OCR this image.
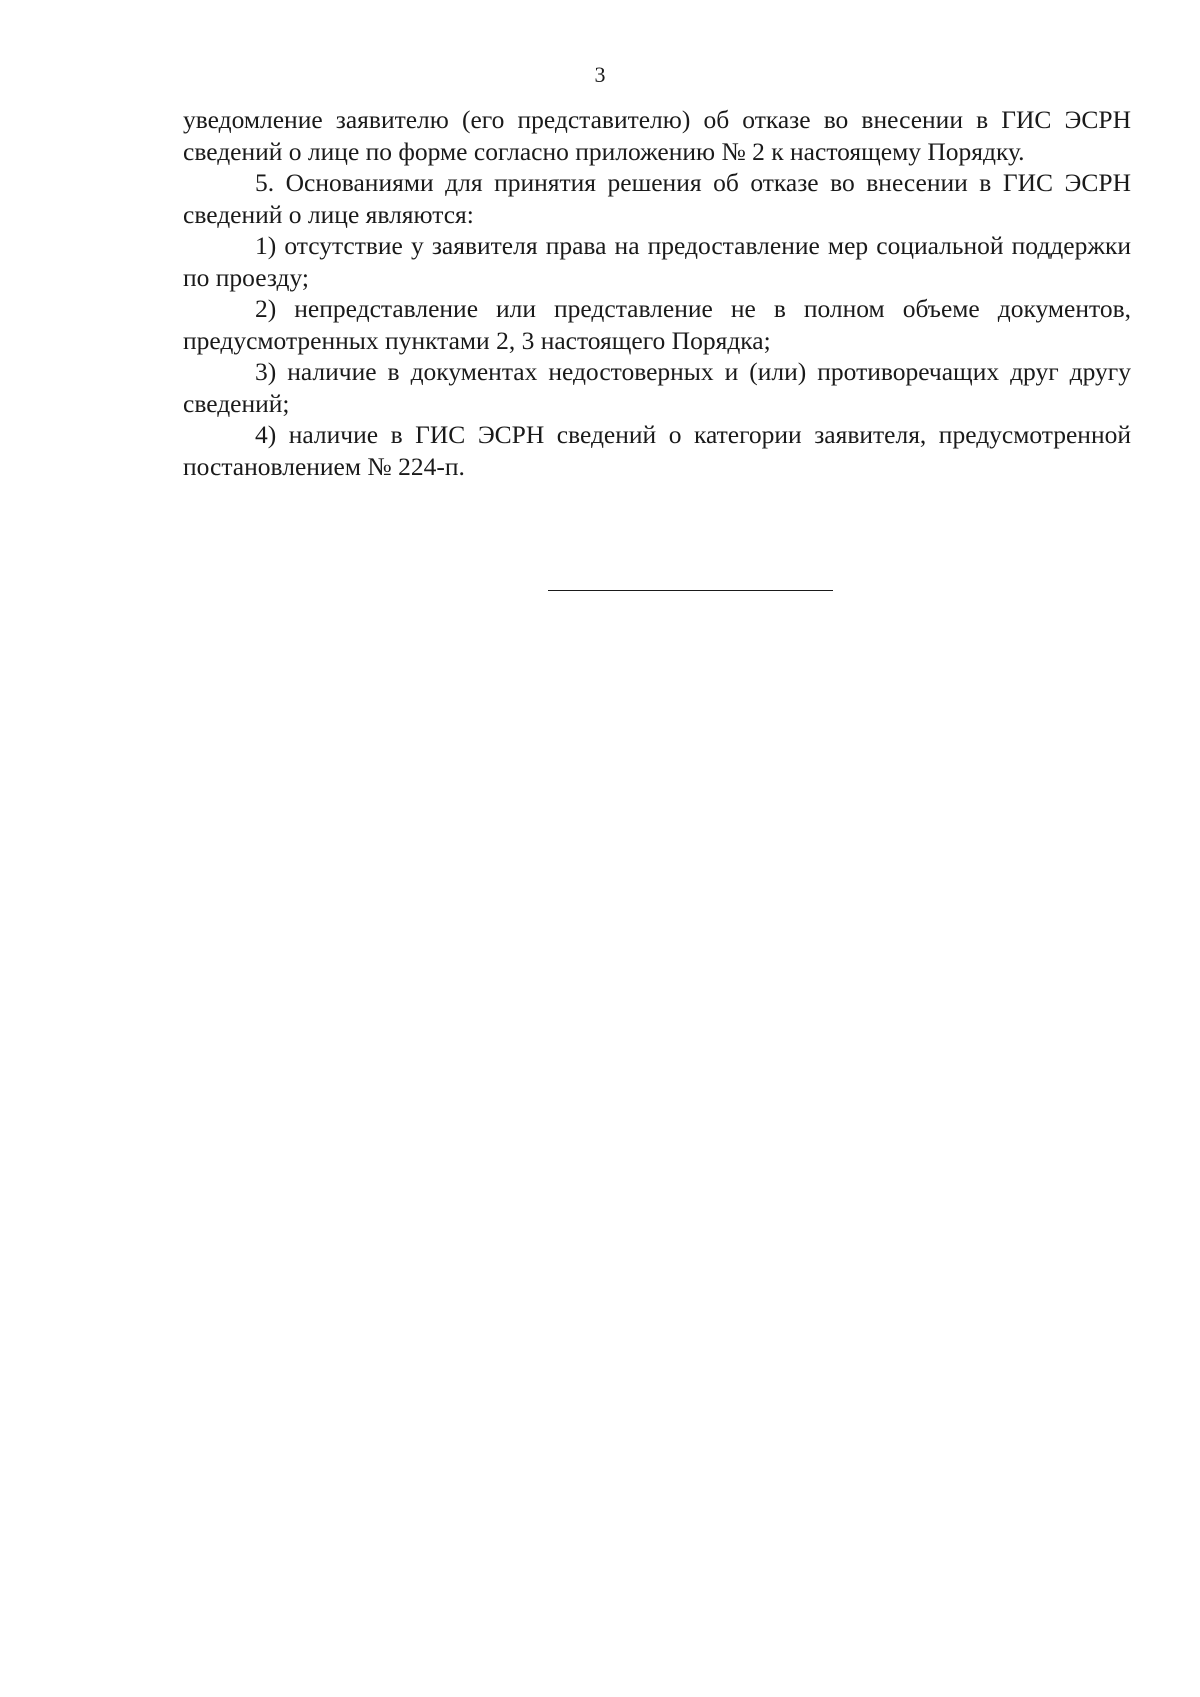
3

уведомление заявителю (его представителю) об отказе во внесении в ГИС ЭСРН сведений о лице по форме согласно приложению № 2 к настоящему Порядку.

5. Основаниями для принятия решения об отказе во внесении в ГИС ЭСРН сведений о лице являются:

1) отсутствие у заявителя права на предоставление мер социальной поддержки по проезду;

2) непредставление или представление не в полном объеме документов, предусмотренных пунктами 2, 3 настоящего Порядка;

3) наличие в документах недостоверных и (или) противоречащих друг другу сведений;

4) наличие в ГИС ЭСРН сведений о категории заявителя, предусмотренной постановлением № 224-п.
